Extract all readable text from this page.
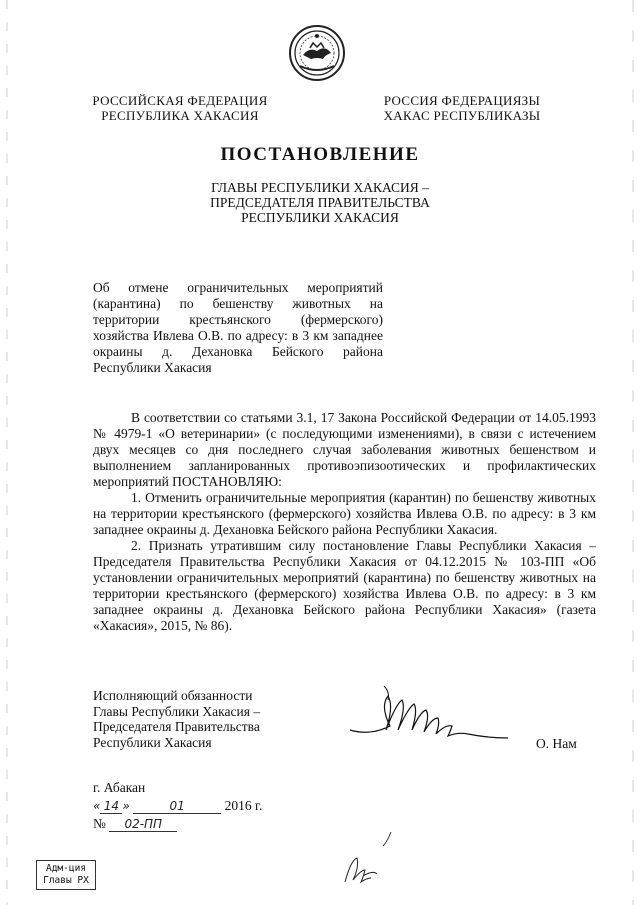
РОССИЙСКАЯ ФЕДЕРАЦИЯ
РЕСПУБЛИКА ХАКАСИЯ
РОССИЯ ФЕДЕРАЦИЯЗЫ
ХАКАС РЕСПУБЛИКАЗЫ
ПОСТАНОВЛЕНИЕ
ГЛАВЫ РЕСПУБЛИКИ ХАКАСИЯ –
ПРЕДСЕДАТЕЛЯ ПРАВИТЕЛЬСТВА
РЕСПУБЛИКИ ХАКАСИЯ
Об отмене ограничительных мероприятий (карантина) по бешенству животных на территории крестьянского (фермерского) хозяйства Ивлева О.В. по адресу: в 3 км западнее окраины д. Дехановка Бейского района Республики Хакасия

В соответствии со статьями 3.1, 17 Закона Российской Федерации от 14.05.1993 № 4979-1 «О ветеринарии» (с последующими изменениями), в связи с истечением двух месяцев со дня последнего случая заболевания животных бешенством и выполнением запланированных противоэпизоотических и профилактических мероприятий ПОСТАНОВЛЯЮ:

1. Отменить ограничительные мероприятия (карантин) по бешенству животных на территории крестьянского (фермерского) хозяйства Ивлева О.В. по адресу: в 3 км западнее окраины д. Дехановка Бейского района Республики Хакасия.

2. Признать утратившим силу постановление Главы Республики Хакасия – Председателя Правительства Республики Хакасия от 04.12.2015 № 103-ПП «Об установлении ограничительных мероприятий (карантина) по бешенству животных на территории крестьянского (фермерского) хозяйства Ивлева О.В. по адресу: в 3 км западнее окраины д. Дехановка Бейского района Республики Хакасия» (газета «Хакасия», 2015, № 86).

Исполняющий обязанности
Главы Республики Хакасия –
Председателя Правительства
Республики Хакасия	О. Нам
г. Абакан
« 14 »	01	2016 г.
№ 02-ПП
Адм-ция
Главы РХ
